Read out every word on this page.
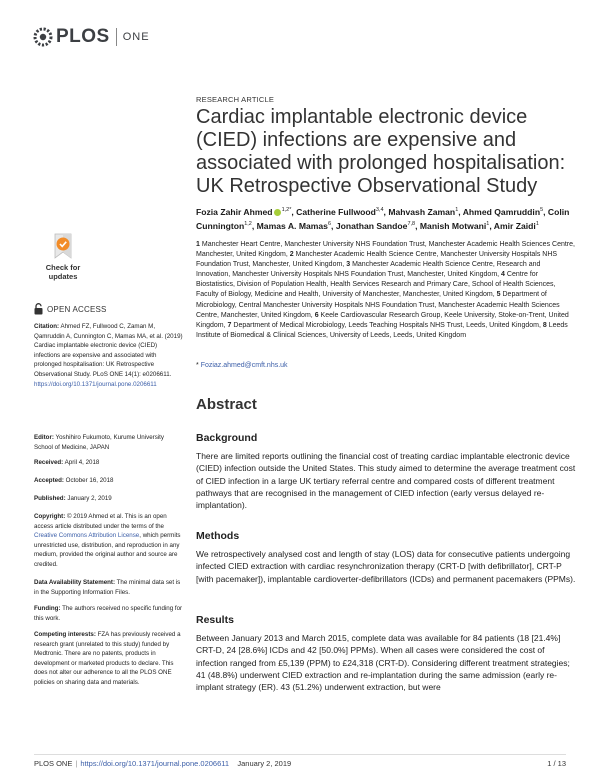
PLOS ONE
Check for updates
OPEN ACCESS
Citation: Ahmed FZ, Fullwood C, Zaman M, Qamruddin A, Cunnington C, Mamas MA, et al. (2019) Cardiac implantable electronic device (CIED) infections are expensive and associated with prolonged hospitalisation: UK Retrospective Observational Study. PLoS ONE 14(1): e0206611. https://doi.org/10.1371/journal.pone.0206611
Editor: Yoshihiro Fukumoto, Kurume University School of Medicine, JAPAN
Received: April 4, 2018
Accepted: October 16, 2018
Published: January 2, 2019
Copyright: © 2019 Ahmed et al. This is an open access article distributed under the terms of the Creative Commons Attribution License, which permits unrestricted use, distribution, and reproduction in any medium, provided the original author and source are credited.
Data Availability Statement: The minimal data set is in the Supporting Information Files.
Funding: The authors received no specific funding for this work.
Competing interests: FZA has previously received a research grant (unrelated to this study) funded by Medtronic. There are no patents, products in development or marketed products to declare. This does not alter our adherence to all the PLOS ONE policies on sharing data and materials.
RESEARCH ARTICLE
Cardiac implantable electronic device (CIED) infections are expensive and associated with prolonged hospitalisation: UK Retrospective Observational Study
Fozia Zahir Ahmed $^{1,2*}$, Catherine Fullwood$^{3,4}$, Mahvash Zaman$^1$, Ahmed Qamruddin$^5$, Colin Cunnington$^{1,2}$, Mamas A. Mamas$^6$, Jonathan Sandoe$^{7,8}$, Manish Motwani$^1$, Amir Zaidi$^1$
1 Manchester Heart Centre, Manchester University NHS Foundation Trust, Manchester Academic Health Sciences Centre, Manchester, United Kingdom, 2 Manchester Academic Health Science Centre, Manchester University Hospitals NHS Foundation Trust, Manchester, United Kingdom, 3 Manchester Academic Health Science Centre, Research and Innovation, Manchester University Hospitals NHS Foundation Trust, Manchester, United Kingdom, 4 Centre for Biostatistics, Division of Population Health, Health Services Research and Primary Care, School of Health Sciences, Faculty of Biology, Medicine and Health, University of Manchester, Manchester, United Kingdom, 5 Department of Microbiology, Central Manchester University Hospitals NHS Foundation Trust, Manchester Academic Health Sciences Centre, Manchester, United Kingdom, 6 Keele Cardiovascular Research Group, Keele University, Stoke-on-Trent, United Kingdom, 7 Department of Medical Microbiology, Leeds Teaching Hospitals NHS Trust, Leeds, United Kingdom, 8 Leeds Institute of Biomedical & Clinical Sciences, University of Leeds, Leeds, United Kingdom
* Foziaz.ahmed@cmft.nhs.uk
Abstract
Background

There are limited reports outlining the financial cost of treating cardiac implantable electronic device (CIED) infection outside the United States. This study aimed to determine the average treatment cost of CIED infection in a large UK tertiary referral centre and compared costs of different treatment pathways that are recognised in the management of CIED infection (early versus delayed re-implantation).

Methods

We retrospectively analysed cost and length of stay (LOS) data for consecutive patients undergoing infected CIED extraction with cardiac resynchronization therapy (CRT-D [with defibrillator], CRT-P [with pacemaker]), implantable cardioverter-defibrillators (ICDs) and permanent pacemakers (PPMs).

Results

Between January 2013 and March 2015, complete data was available for 84 patients (18 [21.4%] CRT-D, 24 [28.6%] ICDs and 42 [50.0%] PPMs). When all cases were considered the cost of infection ranged from £5,139 (PPM) to £24,318 (CRT-D). Considering different treatment strategies; 41 (48.8%) underwent CIED extraction and re-implantation during the same admission (early re-implant strategy (ER). 43 (51.2%) underwent extraction, but were

PLOS ONE | https://doi.org/10.1371/journal.pone.0206611 January 2, 2019	1 / 13
